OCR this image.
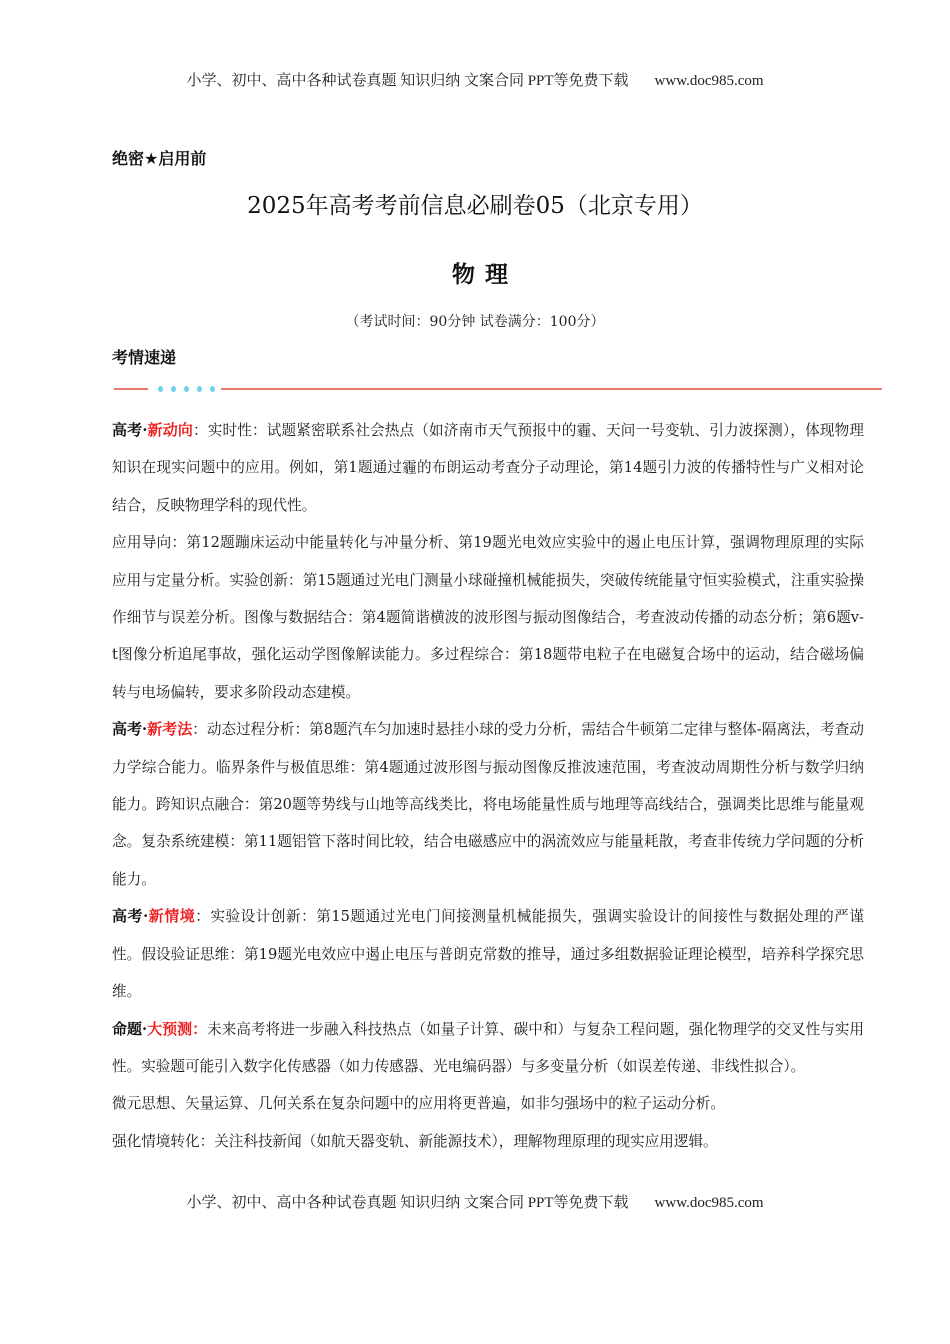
小学、初中、高中各种试卷真题 知识归纳 文案合同 PPT等免费下载 www.doc985.com
绝密★启用前
2025年高考考前信息必刷卷05（北京专用）
物理
（考试时间：90分钟 试卷满分：100分）
考情速递

高考·新动向：实时性：试题紧密联系社会热点（如济南市天气预报中的霾、天问一号变轨、引力波探测），体现物理知识在现实问题中的应用。例如，第1题通过霾的布朗运动考查分子动理论，第14题引力波的传播特性与广义相对论结合，反映物理学科的现代性。

应用导向：第12题蹦床运动中能量转化与冲量分析、第19题光电效应实验中的遏止电压计算，强调物理原理的实际应用与定量分析。实验创新：第15题通过光电门测量小球碰撞机械能损失，突破传统能量守恒实验模式，注重实验操作细节与误差分析。图像与数据结合：第4题简谐横波的波形图与振动图像结合，考查波动传播的动态分析；第6题v-t图像分析追尾事故，强化运动学图像解读能力。多过程综合：第18题带电粒子在电磁复合场中的运动，结合磁场偏转与电场偏转，要求多阶段动态建模。

高考·新考法：动态过程分析：第8题汽车匀加速时悬挂小球的受力分析，需结合牛顿第二定律与整体-隔离法，考查动力学综合能力。临界条件与极值思维：第4题通过波形图与振动图像反推波速范围，考查波动周期性分析与数学归纳能力。跨知识点融合：第20题等势线与山地等高线类比，将电场能量性质与地理等高线结合，强调类比思维与能量观念。复杂系统建模：第11题铝管下落时间比较，结合电磁感应中的涡流效应与能量耗散，考查非传统力学问题的分析能力。

高考·新情境：实验设计创新：第15题通过光电门间接测量机械能损失，强调实验设计的间接性与数据处理的严谨性。假设验证思维：第19题光电效应中遏止电压与普朗克常数的推导，通过多组数据验证理论模型，培养科学探究思维。

命题·大预测：未来高考将进一步融入科技热点（如量子计算、碳中和）与复杂工程问题，强化物理学的交叉性与实用性。实验题可能引入数字化传感器（如力传感器、光电编码器）与多变量分析（如误差传递、非线性拟合）。

微元思想、矢量运算、几何关系在复杂问题中的应用将更普遍，如非匀强场中的粒子运动分析。

强化情境转化：关注科技新闻（如航天器变轨、新能源技术），理解物理原理的现实应用逻辑。

小学、初中、高中各种试卷真题 知识归纳 文案合同 PPT等免费下载 www.doc985.com
